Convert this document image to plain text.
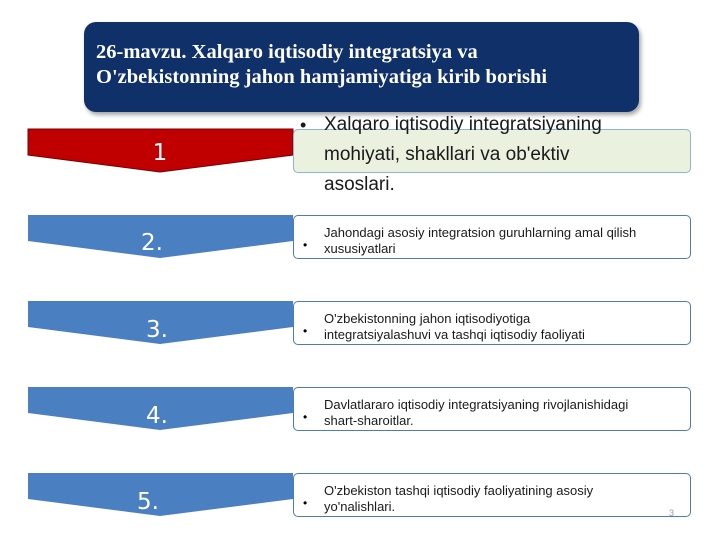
1
2.
3.
4.
5.
•
Jahondagi asosiy integratsion guruhlarning amal qilish
xususiyatlari
•
O'zbekistonning jahon iqtisodiyotiga
integratsiyalashuvi va tashqi iqtisodiy faoliyati
•
Davlatlararo iqtisodiy integratsiyaning rivojlanishidagi
shart-sharoitlar.
•
O'zbekiston tashqi iqtisodiy faoliyatining asosiy
yo'nalishlari.
• Xalqaro iqtisodiy integratsiyaning
mohiyati, shakllari va ob'ektiv
asoslari.
26-mavzu. Xalqaro iqtisodiy integratsiya va
O'zbekistonning jahon hamjamiyatiga kirib borishi
3
